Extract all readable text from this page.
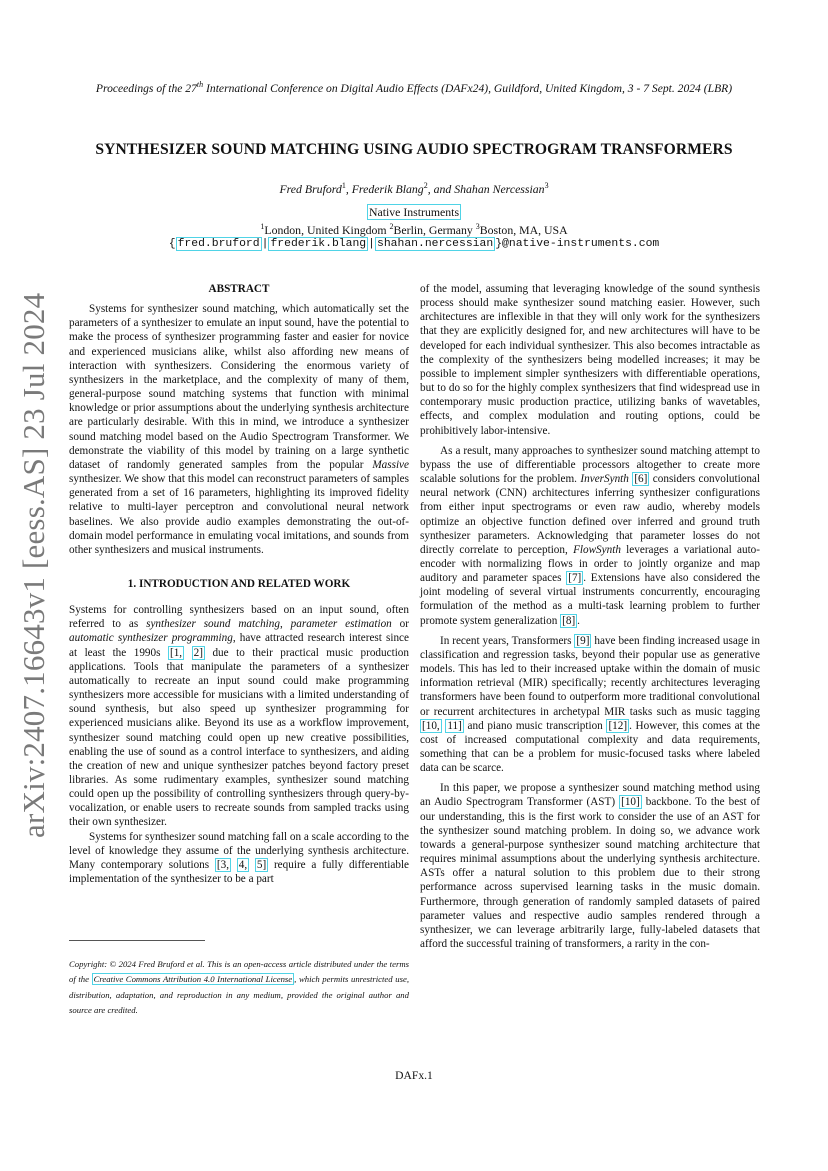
arXiv:2407.16643v1 [eess.AS] 23 Jul 2024
Proceedings of the 27th International Conference on Digital Audio Effects (DAFx24), Guildford, United Kingdom, 3 - 7 Sept. 2024 (LBR)
SYNTHESIZER SOUND MATCHING USING AUDIO SPECTROGRAM TRANSFORMERS
Fred Bruford$^1$, Frederik Blang$^2$, and Shahan Nercessian$^3$
Native Instruments
$^1$London, United Kingdom $^2$Berlin, Germany $^3$Boston, MA, USA
{ fred.bruford | frederik.blang | shahan.nercessian }@native-instruments.com
ABSTRACT

Systems for synthesizer sound matching, which automatically set the parameters of a synthesizer to emulate an input sound, have the potential to make the process of synthesizer programming faster and easier for novice and experienced musicians alike, whilst also affording new means of interaction with synthesizers. Considering the enormous variety of synthesizers in the marketplace, and the complexity of many of them, general-purpose sound matching systems that function with minimal knowledge or prior assumptions about the underlying synthesis architecture are particularly desirable. With this in mind, we introduce a synthesizer sound matching model based on the Audio Spectrogram Transformer. We demonstrate the viability of this model by training on a large synthetic dataset of randomly generated samples from the popular Massive synthesizer. We show that this model can reconstruct parameters of samples generated from a set of 16 parameters, highlighting its improved fidelity relative to multi-layer perceptron and convolutional neural network baselines. We also provide audio examples demonstrating the out-of-domain model performance in emulating vocal imitations, and sounds from other synthesizers and musical instruments.

1. INTRODUCTION AND RELATED WORK

Systems for controlling synthesizers based on an input sound, often referred to as synthesizer sound matching, parameter estimation or automatic synthesizer programming, have attracted research interest since at least the 1990s [1, 2] due to their practical music production applications. Tools that manipulate the parameters of a synthesizer automatically to recreate an input sound could make programming synthesizers more accessible for musicians with a limited understanding of sound synthesis, but also speed up synthesizer programming for experienced musicians alike. Beyond its use as a workflow improvement, synthesizer sound matching could open up new creative possibilities, enabling the use of sound as a control interface to synthesizers, and aiding the creation of new and unique synthesizer patches beyond factory preset libraries. As some rudimentary examples, synthesizer sound matching could open up the possibility of controlling synthesizers through query-by-vocalization, or enable users to recreate sounds from sampled tracks using their own synthesizer.

Systems for synthesizer sound matching fall on a scale according to the level of knowledge they assume of the underlying synthesis architecture. Many contemporary solutions [3, 4, 5] require a fully differentiable implementation of the synthesizer to be a part

of the model, assuming that leveraging knowledge of the sound synthesis process should make synthesizer sound matching easier. However, such architectures are inflexible in that they will only work for the synthesizers that they are explicitly designed for, and new architectures will have to be developed for each individual synthesizer. This also becomes intractable as the complexity of the synthesizers being modelled increases; it may be possible to implement simpler synthesizers with differentiable operations, but to do so for the highly complex synthesizers that find widespread use in contemporary music production practice, utilizing banks of wavetables, effects, and complex modulation and routing options, could be prohibitively labor-intensive.

As a result, many approaches to synthesizer sound matching attempt to bypass the use of differentiable processors altogether to create more scalable solutions for the problem. InverSynth [6] considers convolutional neural network (CNN) architectures inferring synthesizer configurations from either input spectrograms or even raw audio, whereby models optimize an objective function defined over inferred and ground truth synthesizer parameters. Acknowledging that parameter losses do not directly correlate to perception, FlowSynth leverages a variational auto-encoder with normalizing flows in order to jointly organize and map auditory and parameter spaces [7] . Extensions have also considered the joint modeling of several virtual instruments concurrently, encouraging formulation of the method as a multi-task learning problem to further promote system generalization [8] .

In recent years, Transformers [9] have been finding increased usage in classification and regression tasks, beyond their popular use as generative models. This has led to their increased uptake within the domain of music information retrieval (MIR) specifically; recently architectures leveraging transformers have been found to outperform more traditional convolutional or recurrent architectures in archetypal MIR tasks such as music tagging [10, 11] and piano music transcription [12] . However, this comes at the cost of increased computational complexity and data requirements, something that can be a problem for music-focused tasks where labeled data can be scarce.

In this paper, we propose a synthesizer sound matching method using an Audio Spectrogram Transformer (AST) [10] backbone. To the best of our understanding, this is the first work to consider the use of an AST for the synthesizer sound matching problem. In doing so, we advance work towards a general-purpose synthesizer sound matching architecture that requires minimal assumptions about the underlying synthesis architecture. ASTs offer a natural solution to this problem due to their strong performance across supervised learning tasks in the music domain. Furthermore, through generation of randomly sampled datasets of paired parameter values and respective audio samples rendered through a synthesizer, we can leverage arbitrarily large, fully-labeled datasets that afford the successful training of transformers, a rarity in the con-

Copyright: © 2024 Fred Bruford et al. This is an open-access article distributed under the terms of the Creative Commons Attribution 4.0 International License , which permits unrestricted use, distribution, adaptation, and reproduction in any medium, provided the original author and source are credited.
DAFx.1
